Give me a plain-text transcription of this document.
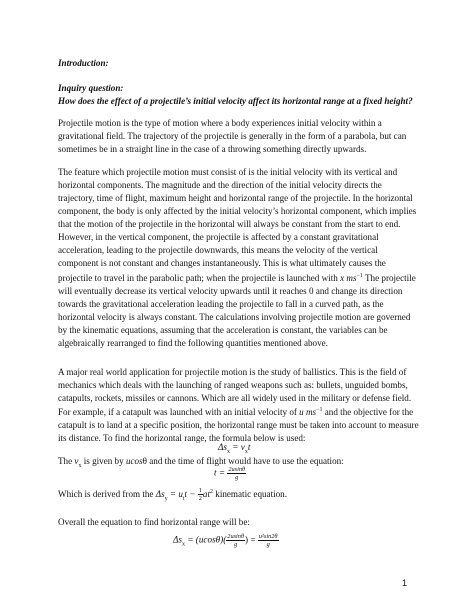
Introduction:
Inquiry question:
How does the effect of a projectile’s initial velocity affect its horizontal range at a fixed height?
Projectile motion is the type of motion where a body experiences initial velocity within a gravitational field. The trajectory of the projectile is generally in the form of a parabola, but can sometimes be in a straight line in the case of a throwing something directly upwards.
The feature which projectile motion must consist of is the initial velocity with its vertical and horizontal components. The magnitude and the direction of the initial velocity directs the trajectory, time of flight, maximum height and horizontal range of the projectile. In the horizontal component, the body is only affected by the initial velocity’s horizontal component, which implies that the motion of the projectile in the horizontal will always be constant from the start to end. However, in the vertical component, the projectile is affected by a constant gravitational acceleration, leading to the projectile downwards, this means the velocity of the vertical component is not constant and changes instantaneously. This is what ultimately causes the projectile to travel in the parabolic path; when the projectile is launched with x $ms^{-1}$ The projectile will eventually decrease its vertical velocity upwards until it reaches 0 and change its direction towards the gravitational acceleration leading the projectile to fall in a curved path, as the horizontal velocity is always constant. The calculations involving projectile motion are governed by the kinematic equations, assuming that the acceleration is constant, the variables can be algebraically rearranged to find the following quantities mentioned above.
A major real world application for projectile motion is the study of ballistics. This is the field of mechanics which deals with the launching of ranged weapons such as: bullets, unguided bombs, catapults, rockets, missiles or cannons. Which are all widely used in the military or defense field.
For example, if a catapult was launched with an initial velocity of u $ms^{-1}$ and the objective for the catapult is to land at a specific position, the horizontal range must be taken into account to measure its distance. To find the horizontal range, the formula below is used:
$\Delta s_x = v_xt$
The $v_x$ is given by ucosθ and the time of flight would have to use the equation:
$t = \frac{2usin\theta}{g}$
Which is derived from the $\Delta s_y = u_tt - \frac{1}{2} at^2$ kinematic equation.
Overall the equation to find horizontal range will be:
$\Delta s_x = (ucos\theta)( \frac{2usin\theta}{g}$ ) = $\frac{\text{u²sin2θ}}{g}$
1
